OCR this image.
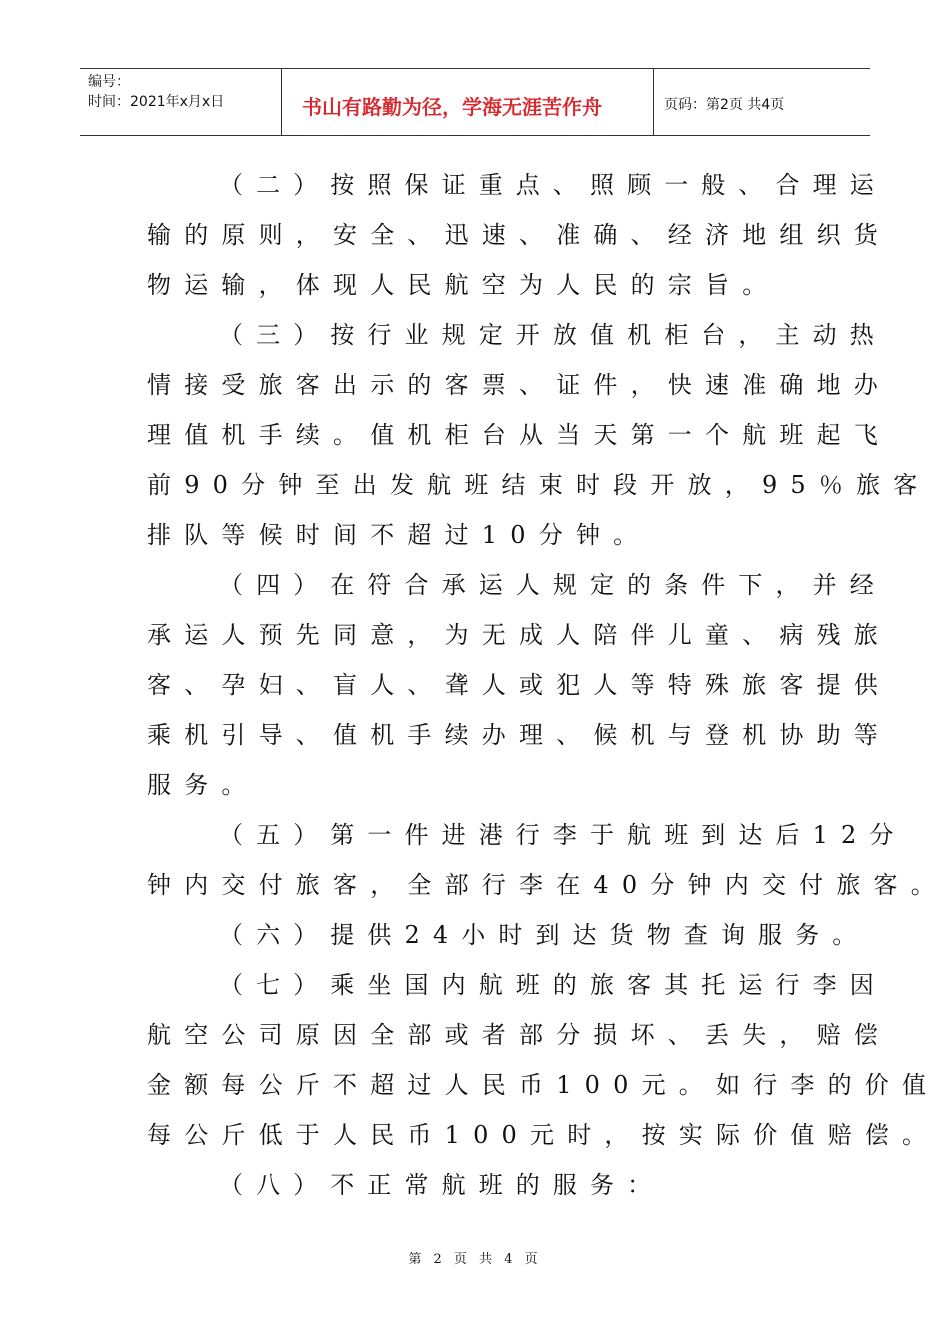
编号：
时间：2021年x月x日	书山有路勤为径，学海无涯苦作舟	页码：第2页 共4页
（二）按照保证重点、照顾一般、合理运
输的原则，安全、迅速、准确、经济地组织货
物运输，体现人民航空为人民的宗旨。
（三）按行业规定开放值机柜台，主动热
情接受旅客出示的客票、证件，快速准确地办
理值机手续。值机柜台从当天第一个航班起飞
前90分钟至出发航班结束时段开放，95％旅客
排队等候时间不超过10分钟。
（四）在符合承运人规定的条件下，并经
承运人预先同意，为无成人陪伴儿童、病残旅
客、孕妇、盲人、聋人或犯人等特殊旅客提供
乘机引导、值机手续办理、候机与登机协助等
服务。
（五）第一件进港行李于航班到达后12分
钟内交付旅客，全部行李在40分钟内交付旅客。
（六）提供24小时到达货物查询服务。
（七）乘坐国内航班的旅客其托运行李因
航空公司原因全部或者部分损坏、丢失，赔偿
金额每公斤不超过人民币100元。如行李的价值
每公斤低于人民币100元时，按实际价值赔偿。
（八）不正常航班的服务：
第 2 页 共 4 页
